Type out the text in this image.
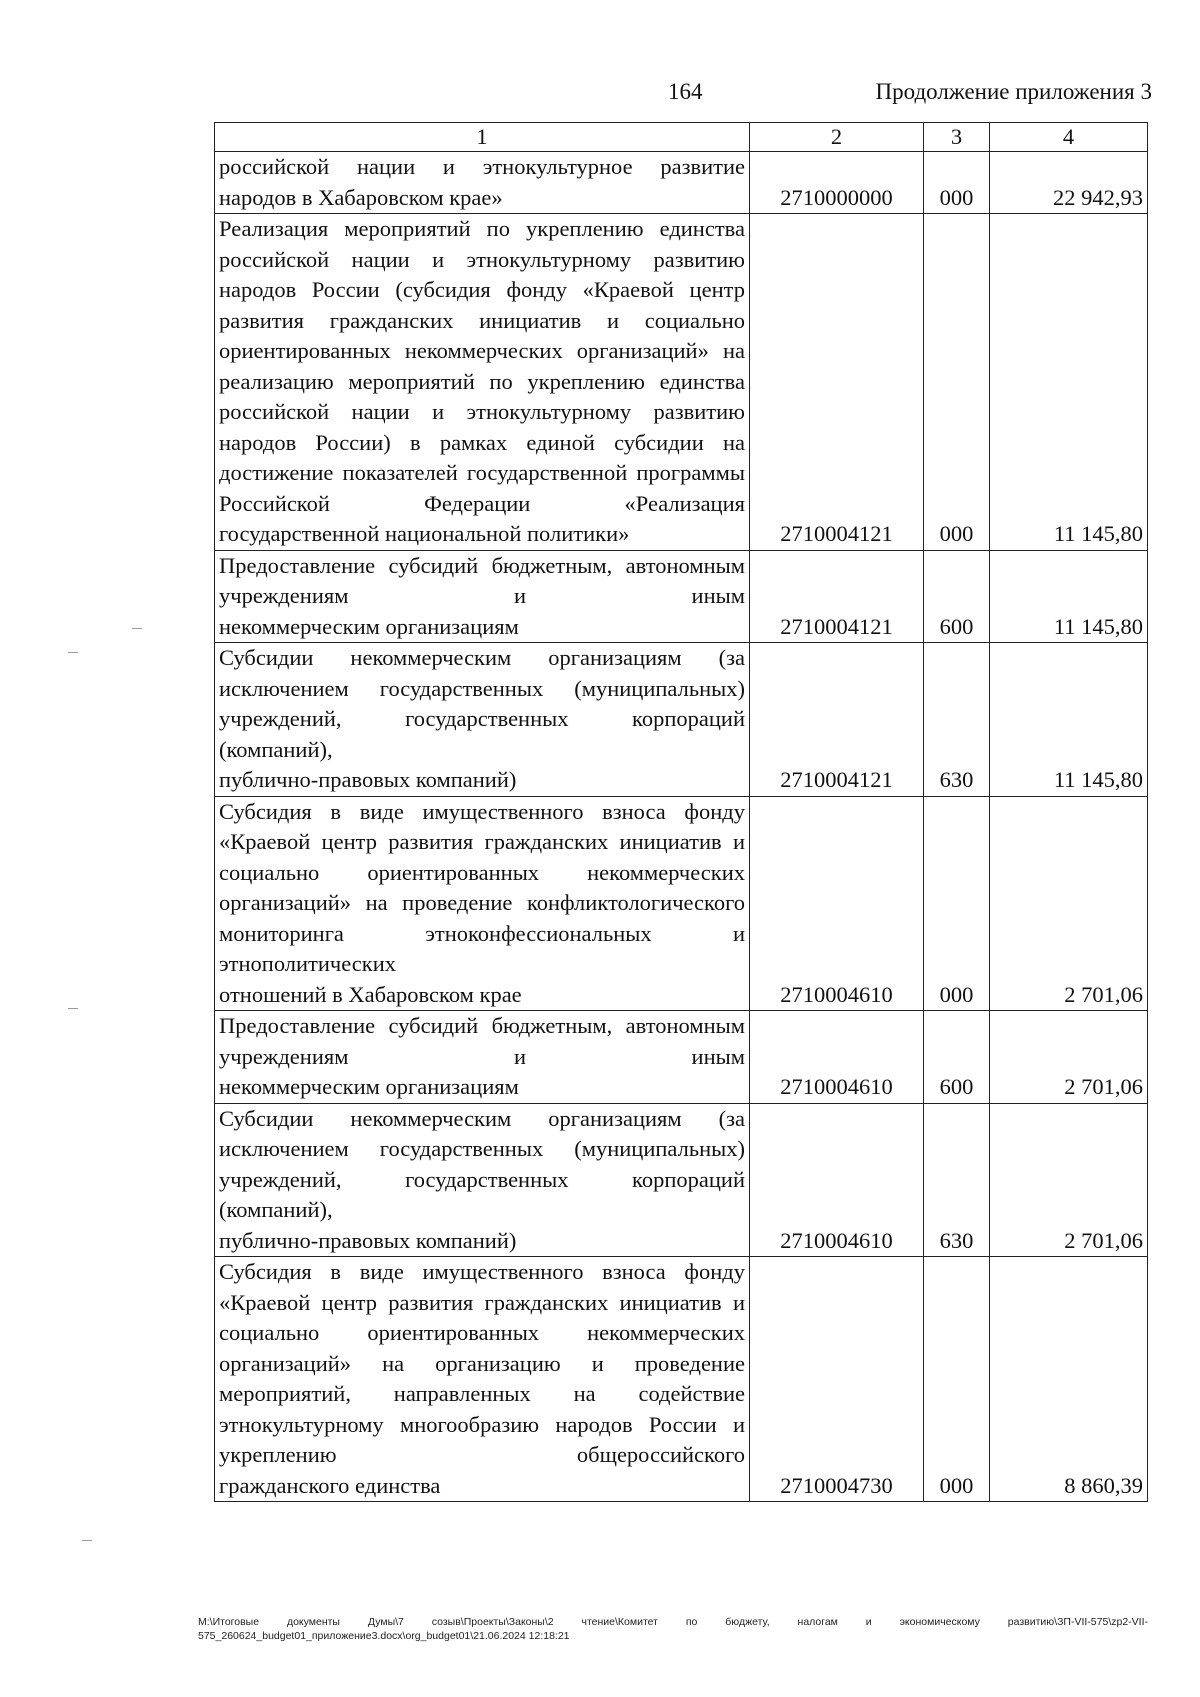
164	Продолжение приложения 3
1	2	3	4

российской нации и этнокультурное развитие
народов в Хабаровском крае»	2710000000	000	22 942,93

Реализация мероприятий по укреплению единства российской нации и этнокультурному развитию народов России (субсидия фонду «Краевой центр развития гражданских инициатив и социально ориентированных некоммерческих организаций» на реализацию мероприятий по укреплению единства российской нации и этнокультурному развитию народов России) в рамках единой субсидии на достижение показателей государственной программы Российской Федерации «Реализация
государственной национальной политики»	2710004121	000	11 145,80

Предоставление субсидий бюджетным, автономным учреждениям и иным
некоммерческим организациям	2710004121	600	11 145,80

Субсидии некоммерческим организациям (за исключением государственных (муниципальных) учреждений, государственных корпораций (компаний),
публично-правовых компаний)	2710004121	630	11 145,80

Субсидия в виде имущественного взноса фонду «Краевой центр развития гражданских инициатив и социально ориентированных некоммерческих организаций» на проведение конфликтологического мониторинга этноконфессиональных и этнополитических
отношений в Хабаровском крае	2710004610	000	2 701,06

Предоставление субсидий бюджетным, автономным учреждениям и иным
некоммерческим организациям	2710004610	600	2 701,06

Субсидии некоммерческим организациям (за исключением государственных (муниципальных) учреждений, государственных корпораций (компаний),
публично-правовых компаний)	2710004610	630	2 701,06

Субсидия в виде имущественного взноса фонду «Краевой центр развития гражданских инициатив и социально ориентированных некоммерческих организаций» на организацию и проведение мероприятий, направленных на содействие этнокультурному многообразию народов России и укреплению общероссийского
гражданского единства	2710004730	000	8 860,39
М:\Итоговые документы Думы\7 созыв\Проекты\Законы\2 чтение\Комитет по бюджету, налогам и экономическому развитию\ЗП-VII-575\zp2-VII-575_260624_budget01_приложение3.docx\org_budget01\21.06.2024 12:18:21
